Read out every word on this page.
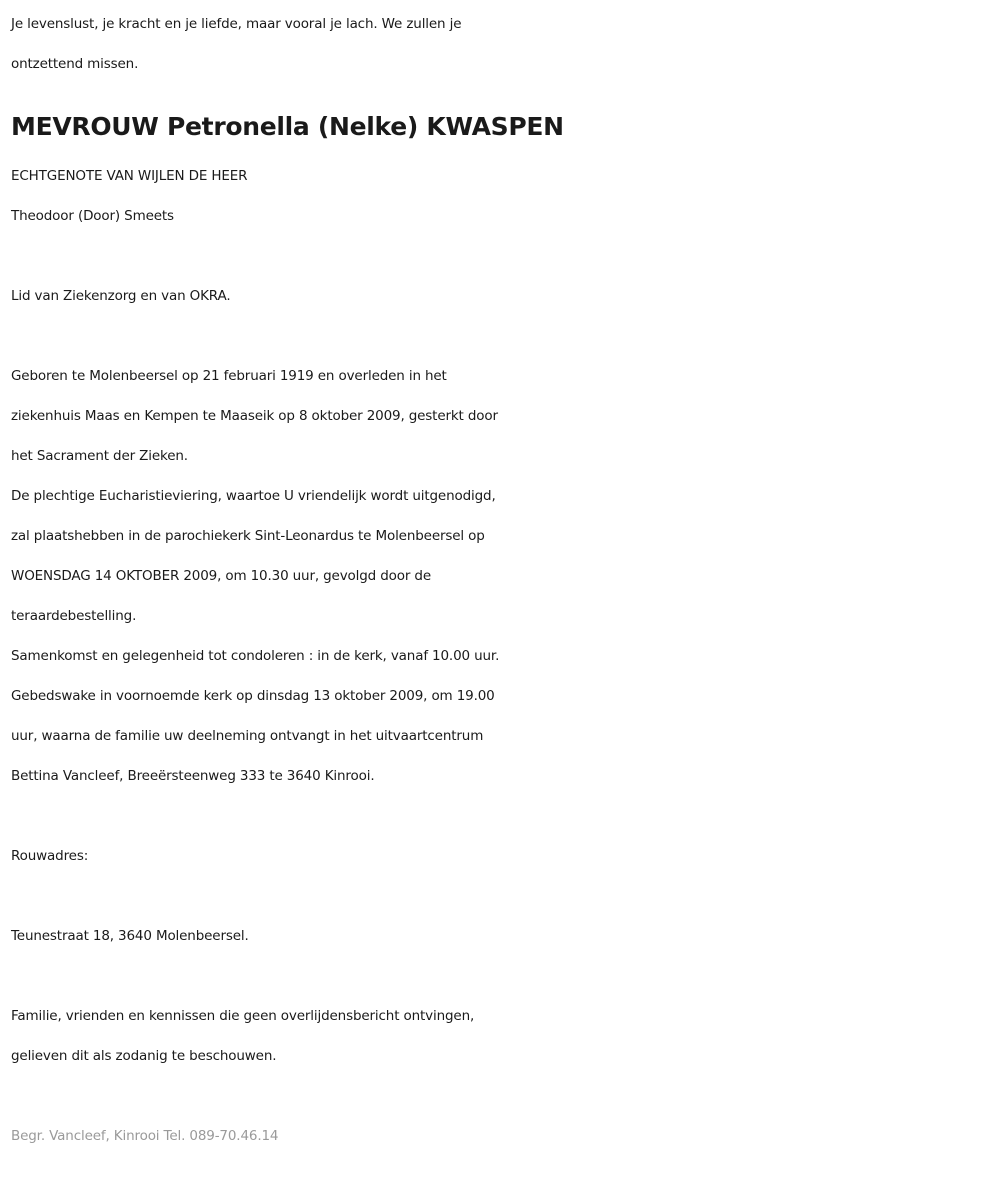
Je levenslust, je kracht en je liefde, maar vooral je lach. We zullen je
ontzettend missen.
MEVROUW Petronella (Nelke) KWASPEN
ECHTGENOTE VAN WIJLEN DE HEER
Theodoor (Door) Smeets
Lid van Ziekenzorg en van OKRA.
Geboren te Molenbeersel op 21 februari 1919 en overleden in het
ziekenhuis Maas en Kempen te Maaseik op 8 oktober 2009, gesterkt door
het Sacrament der Zieken.
De plechtige Eucharistieviering, waartoe U vriendelijk wordt uitgenodigd,
zal plaatshebben in de parochiekerk Sint-Leonardus te Molenbeersel op
WOENSDAG 14 OKTOBER 2009, om 10.30 uur, gevolgd door de
teraardebestelling.
Samenkomst en gelegenheid tot condoleren : in de kerk, vanaf 10.00 uur.
Gebedswake in voornoemde kerk op dinsdag 13 oktober 2009, om 19.00
uur, waarna de familie uw deelneming ontvangt in het uitvaartcentrum
Bettina Vancleef, Breeërsteenweg 333 te 3640 Kinrooi.
Rouwadres:
Teunestraat 18, 3640 Molenbeersel.
Familie, vrienden en kennissen die geen overlijdensbericht ontvingen,
gelieven dit als zodanig te beschouwen.
Begr. Vancleef, Kinrooi Tel. 089-70.46.14
